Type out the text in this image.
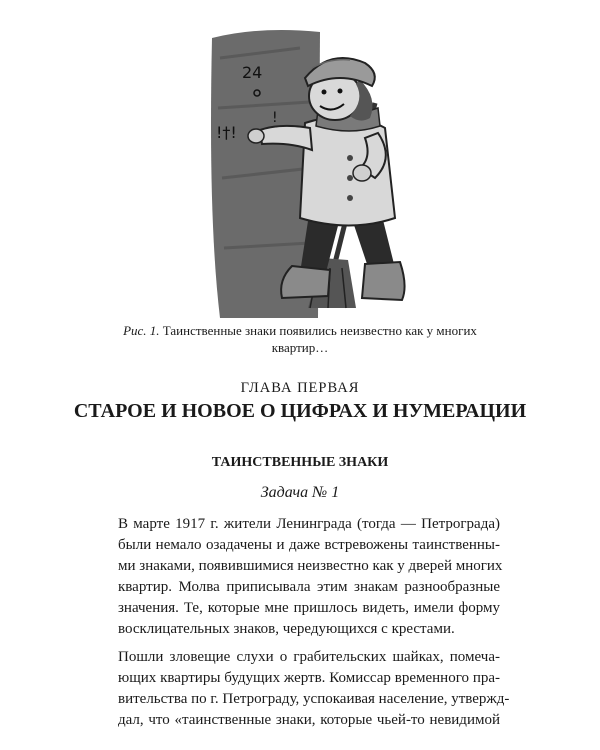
24
!†!
!
Рис. 1. Таинственные знаки появились неизвестно как у многих
квартир…
ГЛАВА ПЕРВАЯ
СТАРОЕ И НОВОЕ О ЦИФРАХ И НУМЕРАЦИИ
ТАИНСТВЕННЫЕ ЗНАКИ
Задача № 1

В марте 1917 г. жители Ленинграда (тогда — Петрограда)
были немало озадачены и даже встревожены таинственны-
ми знаками, появившимися неизвестно как у дверей многих
квартир. Молва приписывала этим знакам разнообразные
значения. Те, которые мне пришлось видеть, имели форму
восклицательных знаков, чередующихся с крестами.

Пошли зловещие слухи о грабительских шайках, помеча-
ющих квартиры будущих жертв. Комиссар временного пра-
вительства по г. Петрограду, успокаивая население, утвержд-
дал, что «таинственные знаки, которые чьей-то невидимой
